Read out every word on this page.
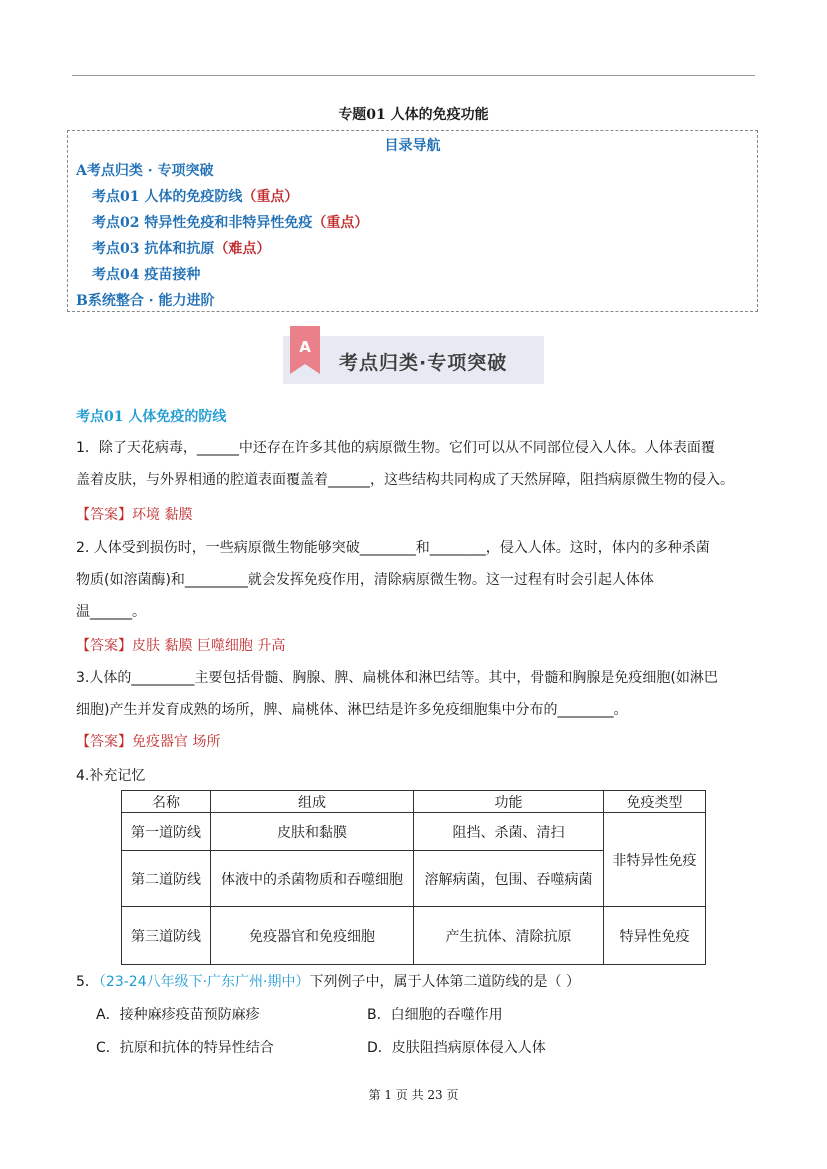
专题01 人体的免疫功能
目录导航
A考点归类 · 专项突破
考点01 人体的免疫防线（重点）
考点02 特异性免疫和非特异性免疫（重点）
考点03 抗体和抗原（难点）
考点04 疫苗接种
B系统整合 · 能力进阶
考点归类·专项突破
A
考点01 人体免疫的防线
1．除了天花病毒，______中还存在许多其他的病原微生物。它们可以从不同部位侵入人体。人体表面覆
盖着皮肤，与外界相通的腔道表面覆盖着______，这些结构共同构成了天然屏障，阻挡病原微生物的侵入。
【答案】环境 黏膜
2. 人体受到损伤时，一些病原微生物能够突破________和________，侵入人体。这时，体内的多种杀菌
物质(如溶菌酶)和_________就会发挥免疫作用，清除病原微生物。这一过程有时会引起人体体
温______。
【答案】皮肤 黏膜 巨噬细胞 升高
3.人体的_________主要包括骨髓、胸腺、脾、扁桃体和淋巴结等。其中，骨髓和胸腺是免疫细胞(如淋巴
细胞)产生并发育成熟的场所，脾、扁桃体、淋巴结是许多免疫细胞集中分布的________。
【答案】免疫器官 场所
4.补充记忆
名称	组成	功能	免疫类型
第一道防线	皮肤和黏膜	阻挡、杀菌、清扫	非特异性免疫
第二道防线	体液中的杀菌物质和吞噬细胞	溶解病菌，包围、吞噬病菌	
第三道防线	免疫器官和免疫细胞	产生抗体、清除抗原	特异性免疫
5．（23-24八年级下·广东广州·期中）下列例子中，属于人体第二道防线的是（ ）
A．接种麻疹疫苗预防麻疹	B．白细胞的吞噬作用
C．抗原和抗体的特异性结合	D．皮肤阻挡病原体侵入人体
第 1 页 共 23 页
